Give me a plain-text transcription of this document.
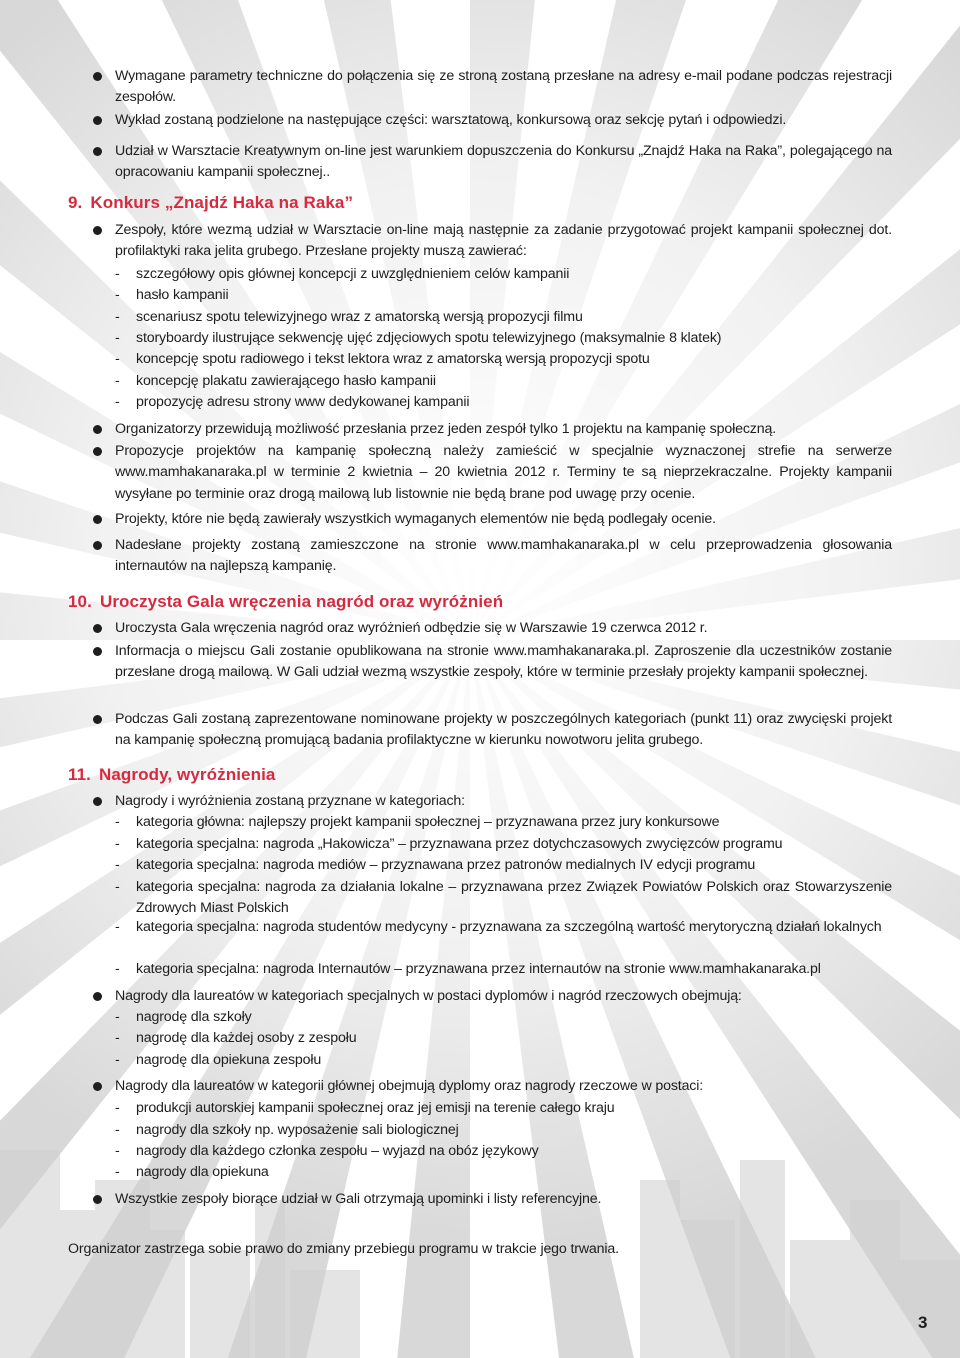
Wymagane parametry techniczne do połączenia się ze stroną zostaną przesłane na adresy e-mail podane podczas rejestracji zespołów.
Wykład zostaną podzielone na następujące części: warsztatową, konkursową oraz sekcję pytań i odpowiedzi.
Udział w Warsztacie Kreatywnym on-line jest warunkiem dopuszczenia do Konkursu „Znajdź Haka na Raka”, polegającego na opracowaniu kampanii społecznej..
9. Konkurs „Znajdź Haka na Raka”
Zespoły, które wezmą udział w Warsztacie on-line mają następnie za zadanie przygotować projekt kampanii społecznej dot. profilaktyki raka jelita grubego. Przesłane projekty muszą zawierać:
- szczegółowy opis głównej koncepcji z uwzględnieniem celów kampanii
- hasło kampanii
- scenariusz spotu telewizyjnego wraz z amatorską wersją propozycji filmu
- storyboardy ilustrujące sekwencję ujęć zdjęciowych spotu telewizyjnego (maksymalnie 8 klatek)
- koncepcję spotu radiowego i tekst lektora wraz z amatorską wersją propozycji spotu
- koncepcję plakatu zawierającego hasło kampanii
- propozycję adresu strony www dedykowanej kampanii
Organizatorzy przewidują możliwość przesłania przez jeden zespół tylko 1 projektu na kampanię społeczną.
Propozycje projektów na kampanię społeczną należy zamieścić w specjalnie wyznaczonej strefie na serwerze www.mamhakanaraka.pl w terminie 2 kwietnia – 20 kwietnia 2012 r. Terminy te są nieprzekraczalne. Projekty kampanii wysyłane po terminie oraz drogą mailową lub listownie nie będą brane pod uwagę przy ocenie.
Projekty, które nie będą zawierały wszystkich wymaganych elementów nie będą podlegały ocenie.
Nadesłane projekty zostaną zamieszczone na stronie www.mamhakanaraka.pl w celu przeprowadzenia głosowania internautów na najlepszą kampanię.
10. Uroczysta Gala wręczenia nagród oraz wyróżnień
Uroczysta Gala wręczenia nagród oraz wyróżnień odbędzie się w Warszawie 19 czerwca 2012 r.
Informacja o miejscu Gali zostanie opublikowana na stronie www.mamhakanaraka.pl. Zaproszenie dla uczestników zostanie przesłane drogą mailową. W Gali udział wezmą wszystkie zespoły, które w terminie przesłały projekty kampanii społecznej.
Podczas Gali zostaną zaprezentowane nominowane projekty w poszczególnych kategoriach (punkt 11) oraz zwycięski projekt na kampanię społeczną promującą badania profilaktyczne w kierunku nowotworu jelita grubego.
11. Nagrody, wyróżnienia
Nagrody i wyróżnienia zostaną przyznane w kategoriach:
- kategoria główna: najlepszy projekt kampanii społecznej – przyznawana przez jury konkursowe
- kategoria specjalna: nagroda „Hakowicza” – przyznawana przez dotychczasowych zwycięzców programu
- kategoria specjalna: nagroda mediów – przyznawana przez patronów medialnych IV edycji programu
- kategoria specjalna: nagroda za działania lokalne – przyznawana przez Związek Powiatów Polskich oraz Stowarzyszenie Zdrowych Miast Polskich
- kategoria specjalna: nagroda studentów medycyny - przyznawana za szczególną wartość merytoryczną działań lokalnych
- kategoria specjalna: nagroda Internautów – przyznawana przez internautów na stronie www.mamhakanaraka.pl
Nagrody dla laureatów w kategoriach specjalnych w postaci dyplomów i nagród rzeczowych obejmują:
- nagrodę dla szkoły
- nagrodę dla każdej osoby z zespołu
- nagrodę dla opiekuna zespołu
Nagrody dla laureatów w kategorii głównej obejmują dyplomy oraz nagrody rzeczowe w postaci:
- produkcji autorskiej kampanii społecznej oraz jej emisji na terenie całego kraju
- nagrody dla szkoły np. wyposażenie sali biologicznej
- nagrody dla każdego członka zespołu – wyjazd na obóz językowy
- nagrody dla opiekuna
Wszystkie zespoły biorące udział w Gali otrzymają upominki i listy referencyjne.
Organizator zastrzega sobie prawo do zmiany przebiegu programu w trakcie jego trwania.
3
